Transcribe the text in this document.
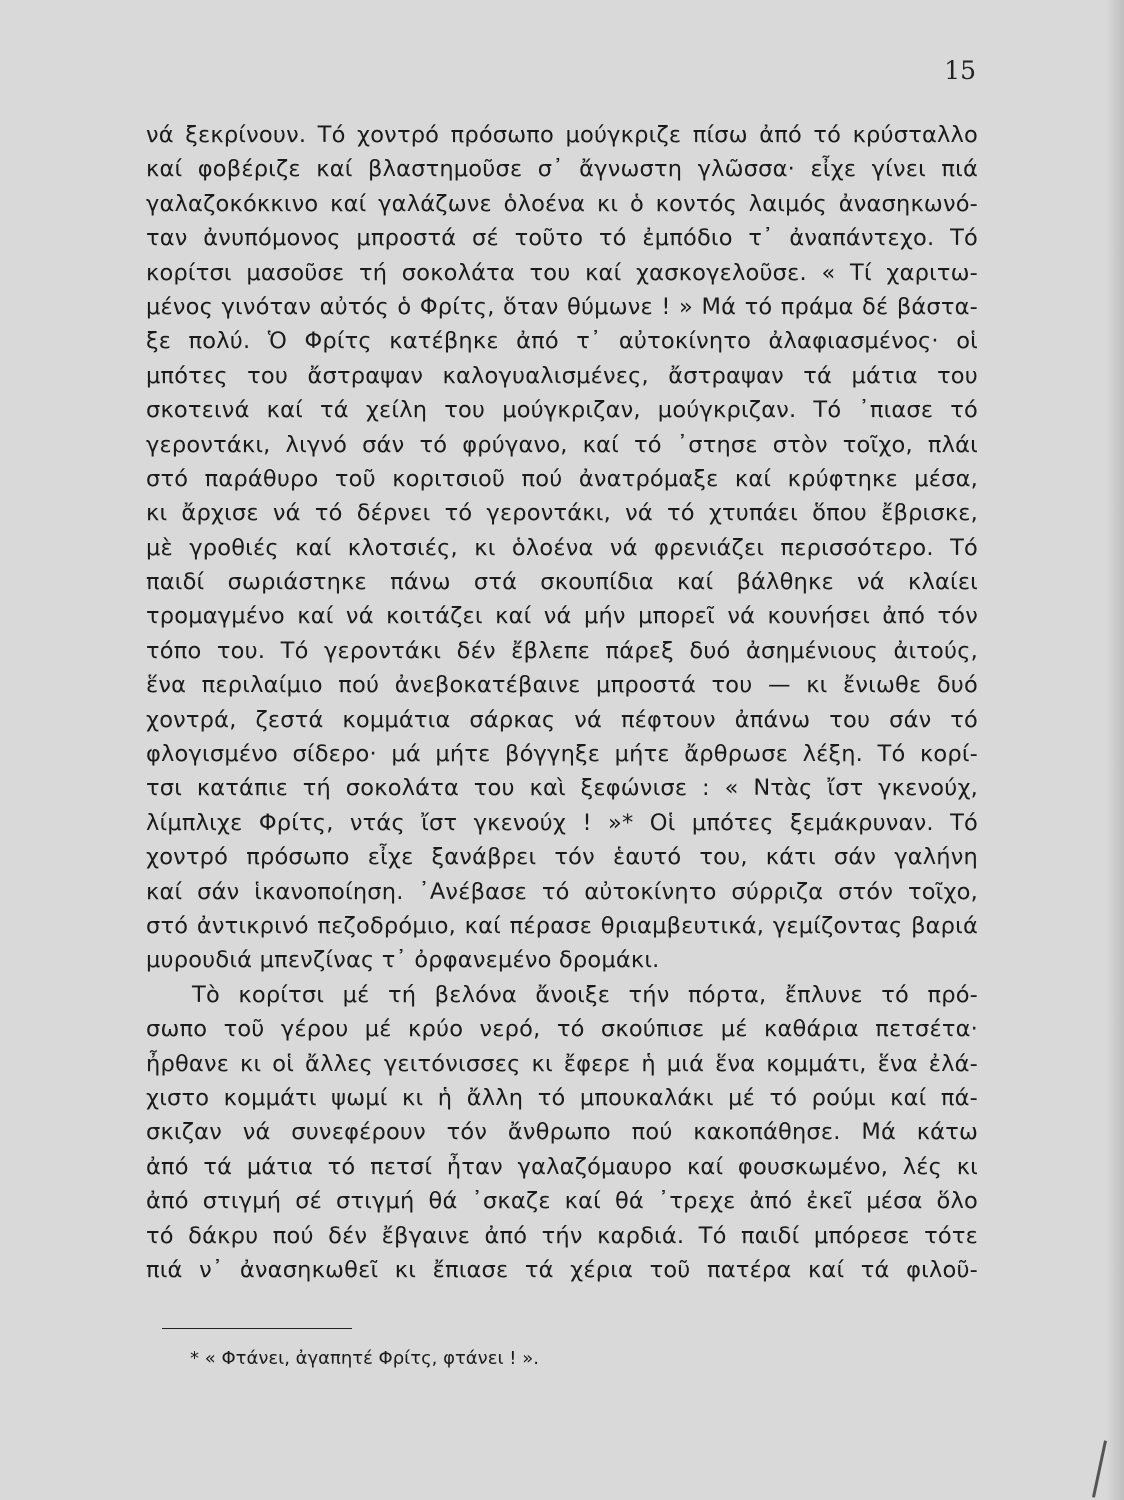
15
νά ξεκρίνουν. Τό χοντρό πρόσωπο μούγκριζε πίσω ἀπό τό κρύσταλλο
καί φοβέριζε καί βλαστημοῦσε σ᾽ ἄγνωστη γλῶσσα· εἶχε γίνει πιά
γαλαζοκόκκινο καί γαλάζωνε ὁλοένα κι ὁ κοντός λαιμός ἀνασηκωνό-
ταν ἀνυπόμονος μπροστά σέ τοῦτο τό ἐμπόδιο τ᾽ ἀναπάντεχο. Τό
κορίτσι μασοῦσε τή σοκολάτα του καί χασκογελοῦσε. « Τί χαριτω-
μένος γινόταν αὐτός ὁ Φρίτς, ὅταν θύμωνε ! » Μά τό πράμα δέ βάστα-
ξε πολύ. Ὁ Φρίτς κατέβηκε ἀπό τ᾽ αὐτοκίνητο ἀλαφιασμένος· οἱ
μπότες του ἄστραψαν καλογυαλισμένες, ἄστραψαν τά μάτια του
σκοτεινά καί τά χείλη του μούγκριζαν, μούγκριζαν. Τό ᾽πιασε τό
γεροντάκι, λιγνό σάν τό φρύγανο, καί τό ᾽στησε στὸν τοῖχο, πλάι
στό παράθυρο τοῦ κοριτσιοῦ πού ἀνατρόμαξε καί κρύφτηκε μέσα,
κι ἄρχισε νά τό δέρνει τό γεροντάκι, νά τό χτυπάει ὅπου ἔβρισκε,
μὲ γροθιές καί κλοτσιές, κι ὁλοένα νά φρενιάζει περισσότερο. Τό
παιδί σωριάστηκε πάνω στά σκουπίδια καί βάλθηκε νά κλαίει
τρομαγμένο καί νά κοιτάζει καί νά μήν μπορεῖ νά κουνήσει ἀπό τόν
τόπο του. Τό γεροντάκι δέν ἔβλεπε πάρεξ δυό ἀσημένιους ἀιτούς,
ἕνα περιλαίμιο πού ἀνεβοκατέβαινε μπροστά του — κι ἔνιωθε δυό
χοντρά, ζεστά κομμάτια σάρκας νά πέφτουν ἀπάνω του σάν τό
φλογισμένο σίδερο· μά μήτε βόγγηξε μήτε ἄρθρωσε λέξη. Τό κορί-
τσι κατάπιε τή σοκολάτα του καὶ ξεφώνισε : « Ντὰς ἴστ γκενούχ,
λίμπλιχε Φρίτς, ντάς ἴστ γκενούχ ! »* Οἱ μπότες ξεμάκρυναν. Τό
χοντρό πρόσωπο εἶχε ξανάβρει τόν ἑαυτό του, κάτι σάν γαλήνη
καί σάν ἱκανοποίηση. ᾽Ανέβασε τό αὐτοκίνητο σύρριζα στόν τοῖχο,
στό ἀντικρινό πεζοδρόμιο, καί πέρασε θριαμβευτικά, γεμίζοντας βαριά
μυρουδιά μπενζίνας τ᾽ ὀρφανεμένο δρομάκι.
Τὸ κορίτσι μέ τή βελόνα ἄνοιξε τήν πόρτα, ἔπλυνε τό πρό-
σωπο τοῦ γέρου μέ κρύο νερό, τό σκούπισε μέ καθάρια πετσέτα·
ἦρθανε κι οἱ ἄλλες γειτόνισσες κι ἔφερε ἡ μιά ἕνα κομμάτι, ἕνα ἐλά-
χιστο κομμάτι ψωμί κι ἡ ἄλλη τό μπουκαλάκι μέ τό ρούμι καί πά-
σκιζαν νά συνεφέρουν τόν ἄνθρωπο πού κακοπάθησε. Μά κάτω
ἀπό τά μάτια τό πετσί ἦταν γαλαζόμαυρο καί φουσκωμένο, λές κι
ἀπό στιγμή σέ στιγμή θά ᾽σκαζε καί θά ᾽τρεχε ἀπό ἐκεῖ μέσα ὅλο
τό δάκρυ πού δέν ἔβγαινε ἀπό τήν καρδιά. Τό παιδί μπόρεσε τότε
πιά ν᾽ ἀνασηκωθεῖ κι ἔπιασε τά χέρια τοῦ πατέρα καί τά φιλοῦ-
* « Φτάνει, ἀγαπητέ Φρίτς, φτάνει ! ».
